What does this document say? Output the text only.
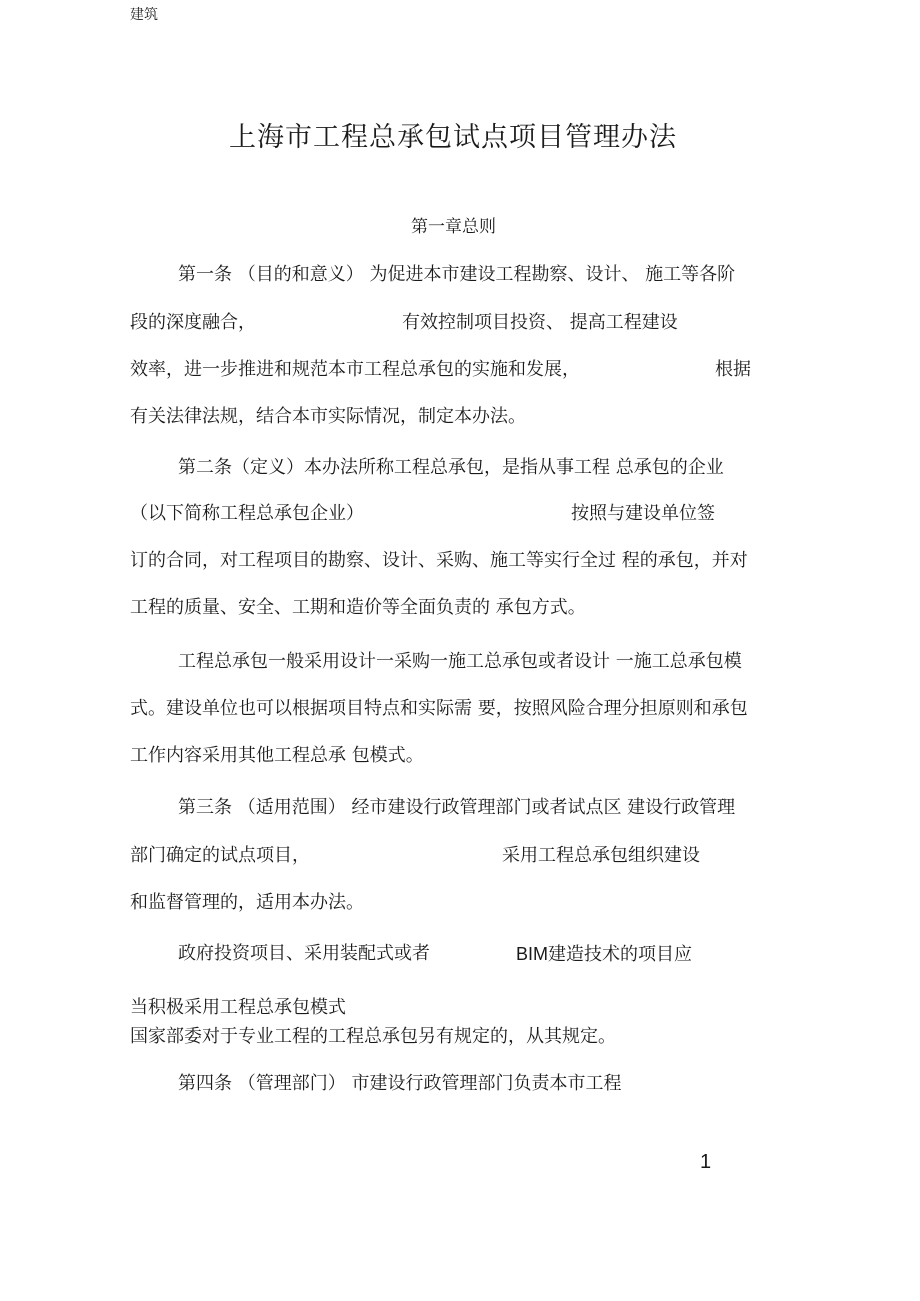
建筑
上海市工程总承包试点项目管理办法
第一章总则
第一条 （目的和意义） 为促进本市建设工程勘察、设计、 施工等各阶
段的深度融合，	有效控制项目投资、 提高工程建设
效率，进一步推进和规范本市工程总承包的实施和发展，	根据
有关法律法规，结合本市实际情况，制定本办法。
第二条（定义）本办法所称工程总承包，是指从事工程 总承包的企业
（以下简称工程总承包企业）	按照与建设单位签
订的合同，对工程项目的勘察、设计、采购、施工等实行全过 程的承包，并对
工程的质量、安全、工期和造价等全面负责的 承包方式。
工程总承包一般采用设计一采购一施工总承包或者设计 一施工总承包模
式。建设单位也可以根据项目特点和实际需 要，按照风险合理分担原则和承包
工作内容采用其他工程总承 包模式。
第三条 （适用范围） 经市建设行政管理部门或者试点区 建设行政管理
部门确定的试点项目，	采用工程总承包组织建设
和监督管理的，适用本办法。
政府投资项目、采用装配式或者	BIM建造技术的项目应
当积极采用工程总承包模式
国家部委对于专业工程的工程总承包另有规定的，从其规定。
第四条 （管理部门） 市建设行政管理部门负责本市工程
1
